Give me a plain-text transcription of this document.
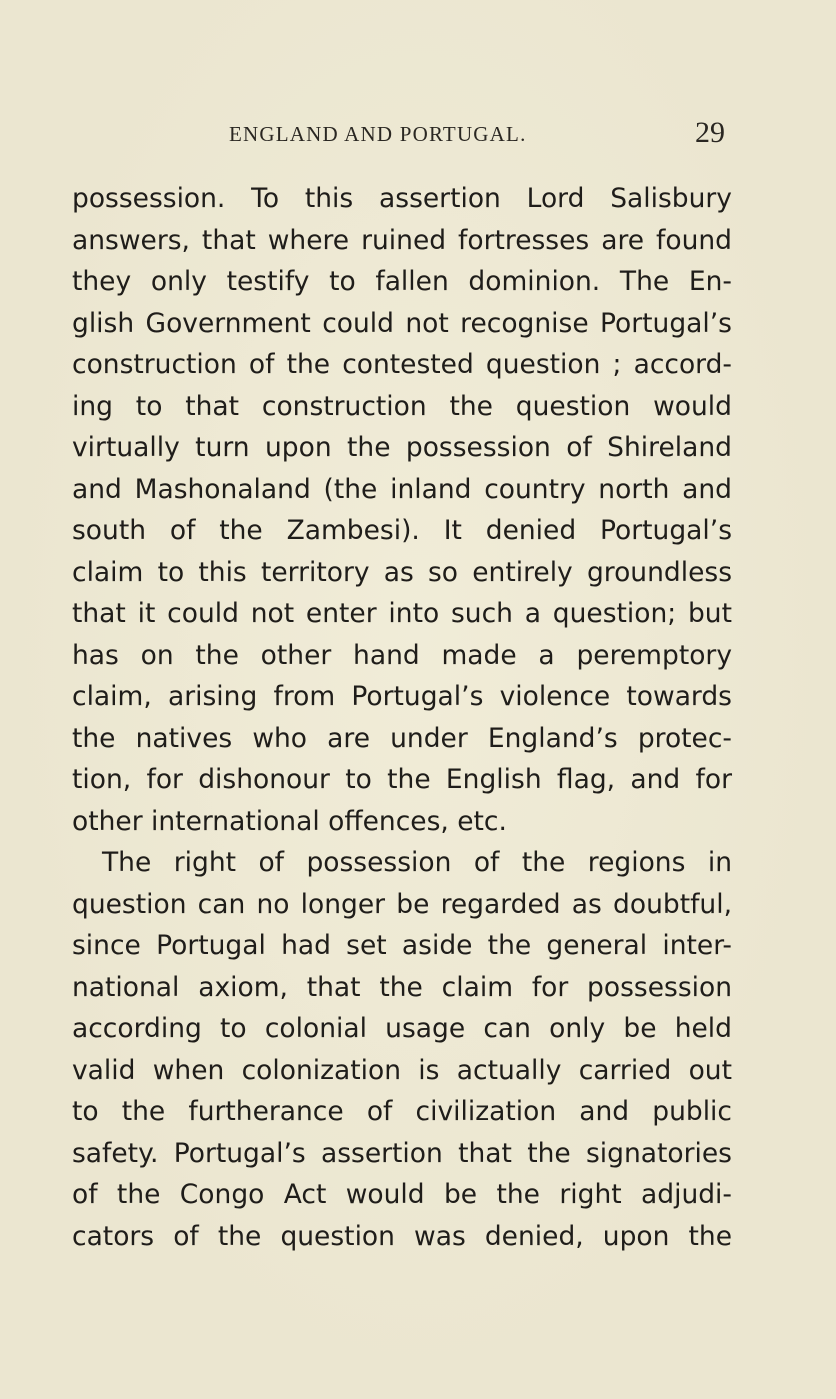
ENGLAND AND PORTUGAL.	29
possession. To this assertion Lord Salisbury
answers, that where ruined fortresses are found
they only testify to fallen dominion. The En-
glish Government could not recognise Portugal’s
construction of the contested question ; accord-
ing to that construction the question would
virtually turn upon the possession of Shireland
and Mashonaland (the inland country north and
south of the Zambesi). It denied Portugal’s
claim to this territory as so entirely groundless
that it could not enter into such a question; but
has on the other hand made a peremptory
claim, arising from Portugal’s violence towards
the natives who are under England’s protec-
tion, for dishonour to the English flag, and for
other international offences, etc.
The right of possession of the regions in
question can no longer be regarded as doubtful,
since Portugal had set aside the general inter-
national axiom, that the claim for possession
according to colonial usage can only be held
valid when colonization is actually carried out
to the furtherance of civilization and public
safety. Portugal’s assertion that the signatories
of the Congo Act would be the right adjudi-
cators of the question was denied, upon the
